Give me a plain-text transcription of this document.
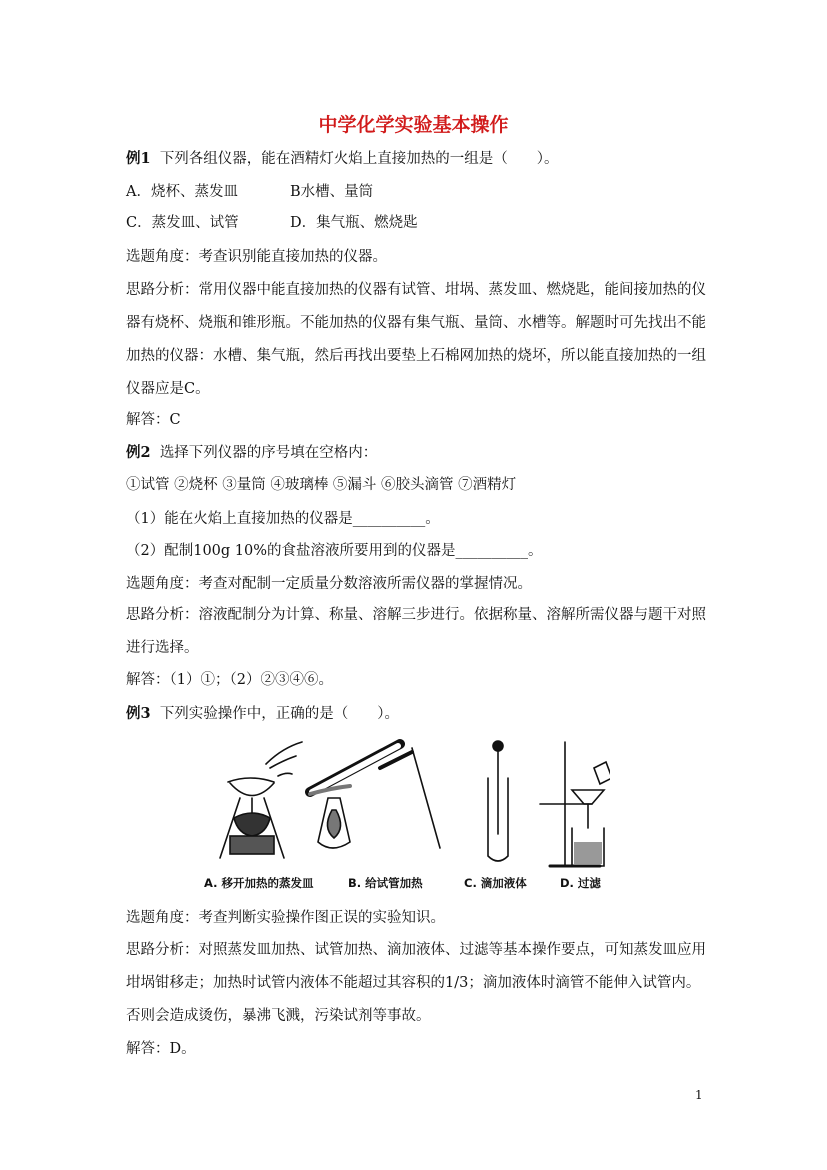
中学化学实验基本操作
例1 下列各组仪器，能在酒精灯火焰上直接加热的一组是（　　）。
A．烧杯、蒸发皿	B水槽、量筒
C．蒸发皿、试管	D．集气瓶、燃烧匙
选题角度：考查识别能直接加热的仪器。
思路分析：常用仪器中能直接加热的仪器有试管、坩埚、蒸发皿、燃烧匙，能间接加热的仪
器有烧杯、烧瓶和锥形瓶。不能加热的仪器有集气瓶、量筒、水槽等。解题时可先找出不能
加热的仪器：水槽、集气瓶，然后再找出要垫上石棉网加热的烧坏，所以能直接加热的一组
仪器应是C。
解答：C
例2 选择下列仪器的序号填在空格内：
①试管 ②烧杯 ③量筒 ④玻璃棒 ⑤漏斗 ⑥胶头滴管 ⑦酒精灯
（1）能在火焰上直接加热的仪器是__________。
（2）配制100g 10%的食盐溶液所要用到的仪器是__________。
选题角度：考查对配制一定质量分数溶液所需仪器的掌握情况。
思路分析：溶液配制分为计算、称量、溶解三步进行。依据称量、溶解所需仪器与题干对照
进行选择。
解答：（1）①；（2）②③④⑥。
例3 下列实验操作中，正确的是（　　）。
A. 移开加热的蒸发皿	B. 给试管加热	C. 滴加液体	D. 过滤
选题角度：考查判断实验操作图正误的实验知识。
思路分析：对照蒸发皿加热、试管加热、滴加液体、过滤等基本操作要点，可知蒸发皿应用
坩埚钳移走；加热时试管内液体不能超过其容积的1/3；滴加液体时滴管不能伸入试管内。
否则会造成烫伤，暴沸飞溅，污染试剂等事故。
解答：D。
1
